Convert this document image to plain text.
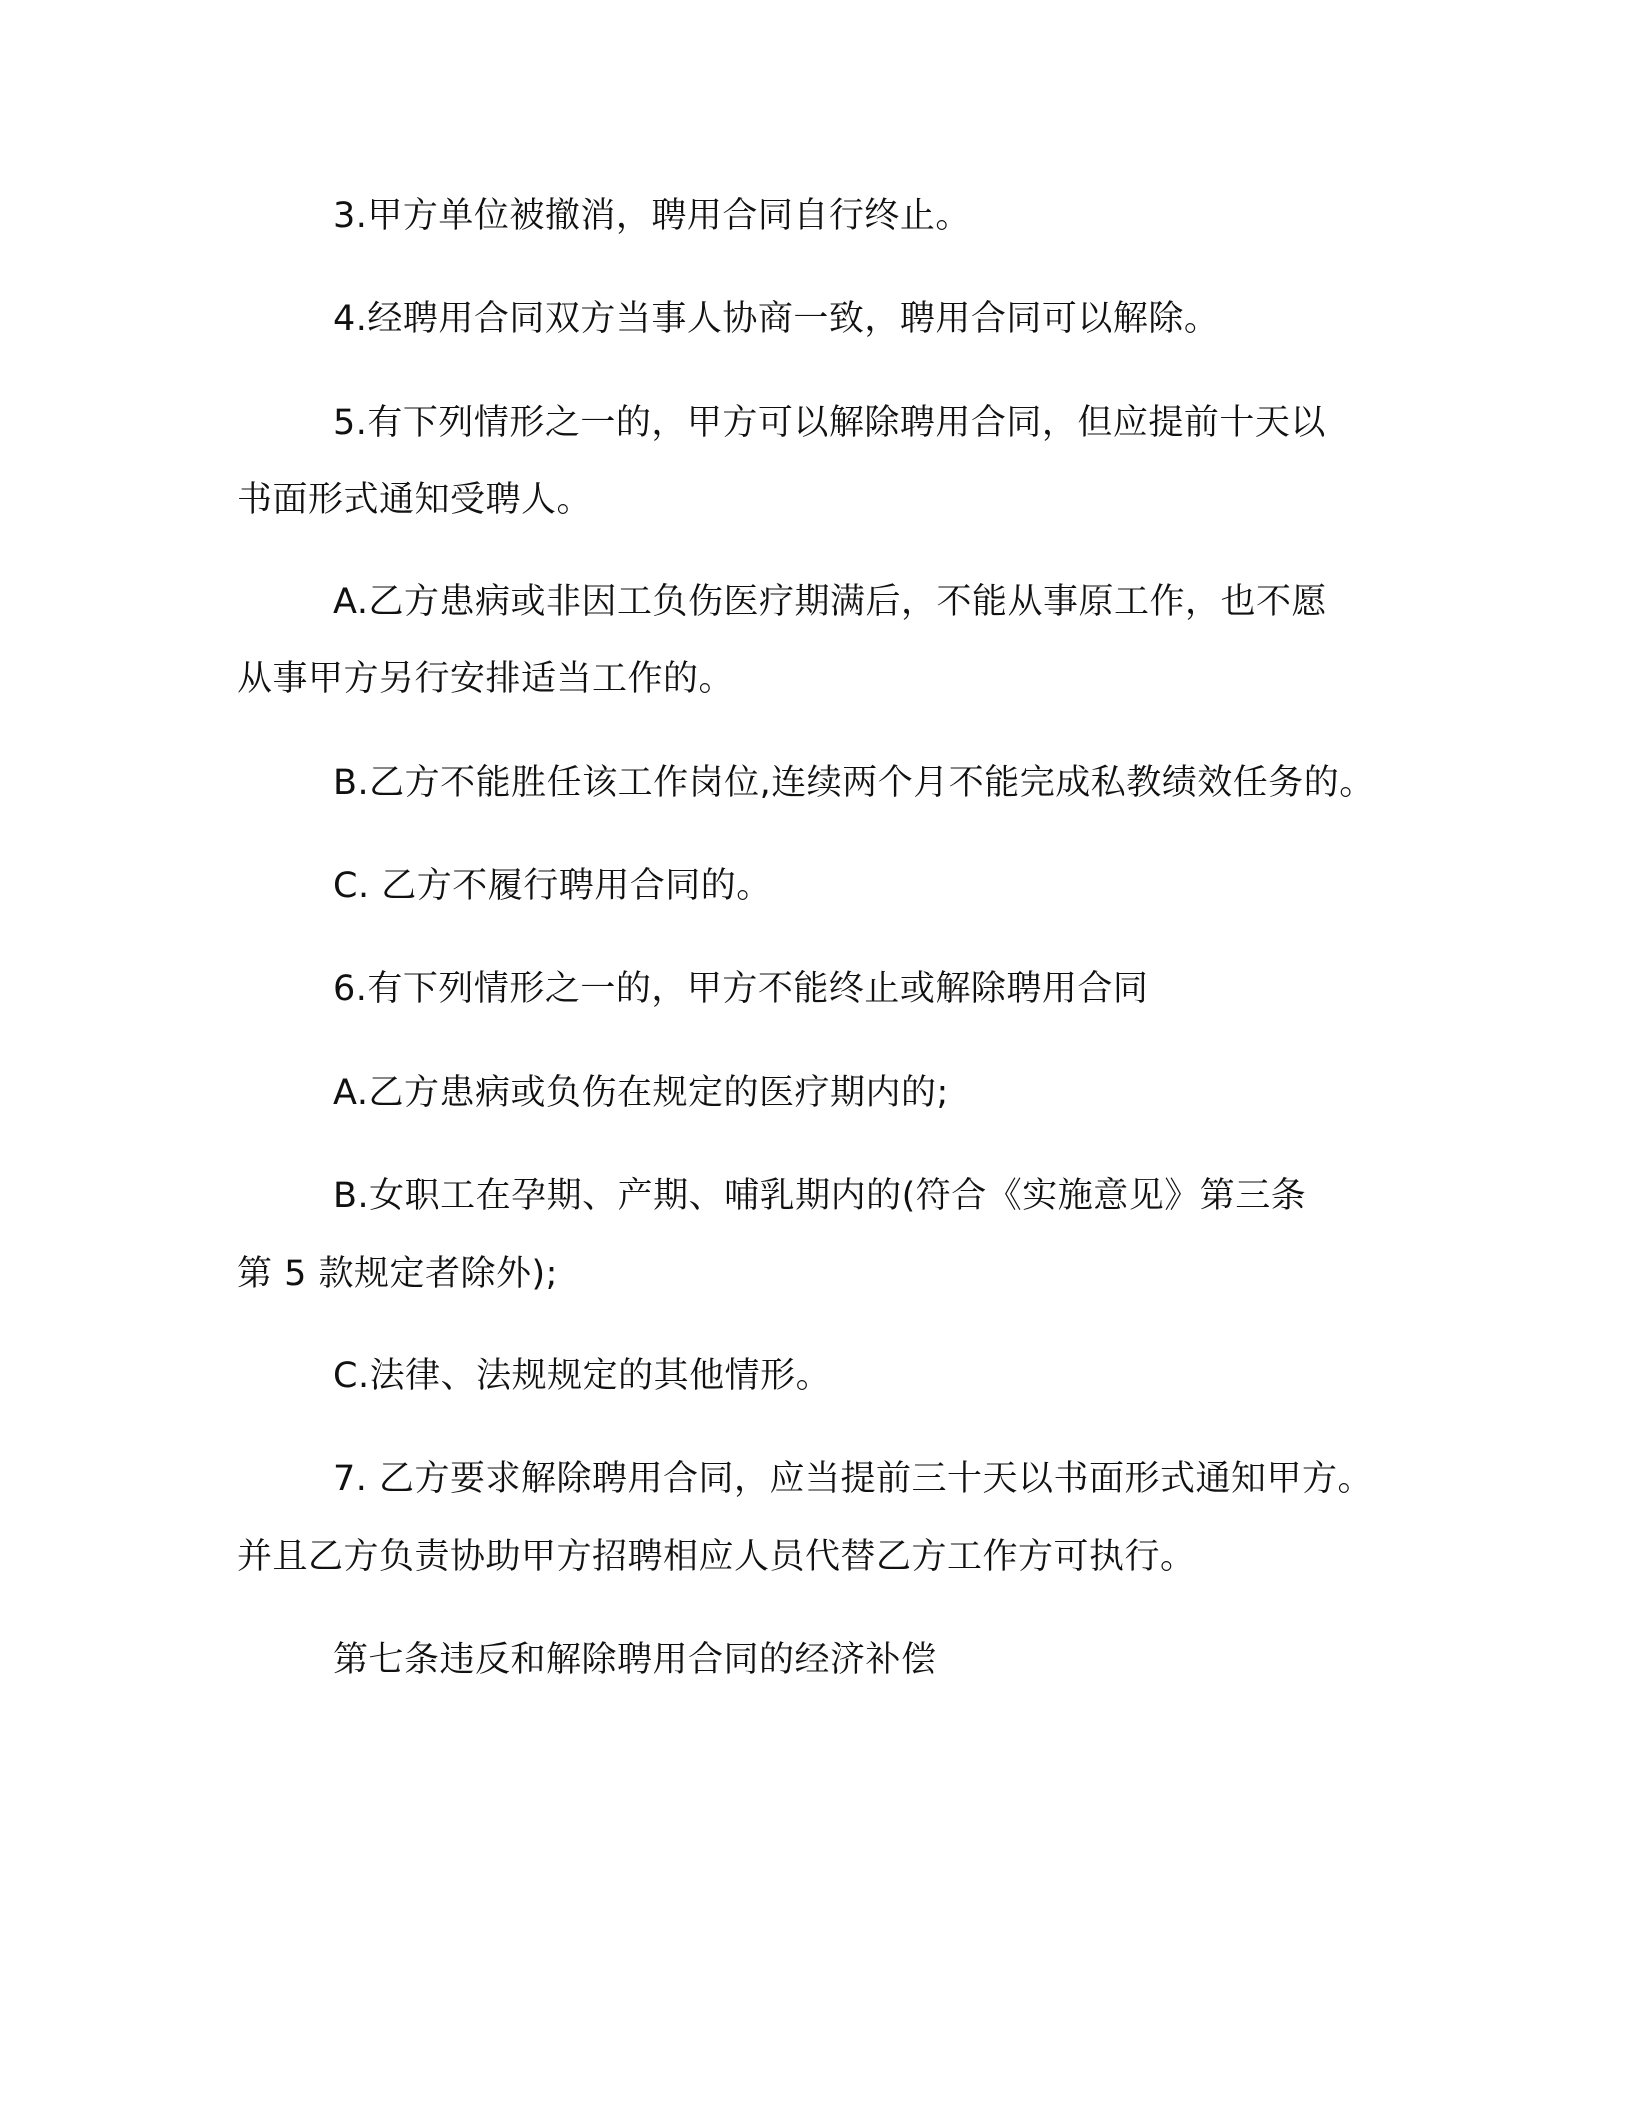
3.甲方单位被撤消，聘用合同自行终止。
4.经聘用合同双方当事人协商一致，聘用合同可以解除。
5.有下列情形之一的，甲方可以解除聘用合同，但应提前十天以
书面形式通知受聘人。
A.乙方患病或非因工负伤医疗期满后，不能从事原工作，也不愿
从事甲方另行安排适当工作的。
B.乙方不能胜任该工作岗位,连续两个月不能完成私教绩效任务的。
C. 乙方不履行聘用合同的。
6.有下列情形之一的，甲方不能终止或解除聘用合同
A.乙方患病或负伤在规定的医疗期内的;
B.女职工在孕期、产期、哺乳期内的(符合《实施意见》第三条
第 5 款规定者除外);
C.法律、法规规定的其他情形。
7. 乙方要求解除聘用合同，应当提前三十天以书面形式通知甲方。
并且乙方负责协助甲方招聘相应人员代替乙方工作方可执行。
第七条违反和解除聘用合同的经济补偿
